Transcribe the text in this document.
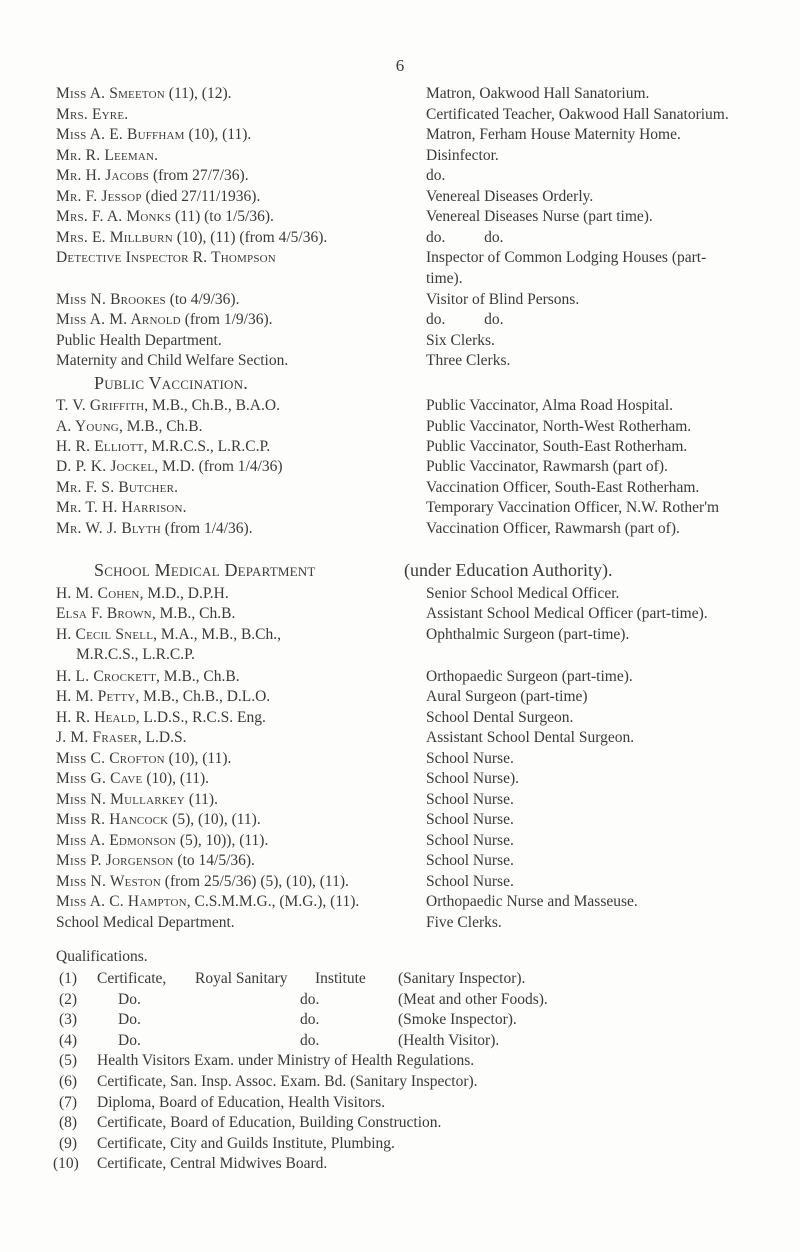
6
Miss A. Smeeton (11), (12).	Matron, Oakwood Hall Sanatorium.
Mrs. Eyre.	Certificated Teacher, Oakwood Hall Sanatorium.
Miss A. E. Buffham (10), (11).	Matron, Ferham House Maternity Home.
Mr. R. Leeman.	Disinfector.
Mr. H. Jacobs (from 27/7/36).	do.
Mr. F. Jessop (died 27/11/1936).	Venereal Diseases Orderly.
Mrs. F. A. Monks (11) (to 1/5/36).	Venereal Diseases Nurse (part time).
Mrs. E. Millburn (10), (11) (from 4/5/36).	do.          do.
Detective Inspector R. Thompson	Inspector of Common Lodging Houses (part-
time).
Miss N. Brookes (to 4/9/36).	Visitor of Blind Persons.
Miss A. M. Arnold (from 1/9/36).	do.          do.
Public Health Department.	Six Clerks.
Maternity and Child Welfare Section.	Three Clerks.
Public Vaccination.
T. V. Griffith, M.B., Ch.B., B.A.O.	Public Vaccinator, Alma Road Hospital.
A. Young, M.B., Ch.B.	Public Vaccinator, North-West Rotherham.
H. R. Elliott, M.R.C.S., L.R.C.P.	Public Vaccinator, South-East Rotherham.
D. P. K. Jockel, M.D. (from 1/4/36)	Public Vaccinator, Rawmarsh (part of).
Mr. F. S. Butcher.	Vaccination Officer, South-East Rotherham.
Mr. T. H. Harrison.	Temporary Vaccination Officer, N.W. Rother'm
Mr. W. J. Blyth (from 1/4/36).	Vaccination Officer, Rawmarsh (part of).
School Medical Department	(under Education Authority).
H. M. Cohen, M.D., D.P.H.	Senior School Medical Officer.
Elsa F. Brown, M.B., Ch.B.	Assistant School Medical Officer (part-time).
H. Cecil Snell, M.A., M.B., B.Ch.,	Ophthalmic Surgeon (part-time).
M.R.C.S., L.R.C.P.
H. L. Crockett, M.B., Ch.B.	Orthopaedic Surgeon (part-time).
H. M. Petty, M.B., Ch.B., D.L.O.	Aural Surgeon (part-time)
H. R. Heald, L.D.S., R.C.S. Eng.	School Dental Surgeon.
J. M. Fraser, L.D.S.	Assistant School Dental Surgeon.
Miss C. Crofton (10), (11).	School Nurse.
Miss G. Cave (10), (11).	School Nurse).
Miss N. Mullarkey (11).	School Nurse.
Miss R. Hancock (5), (10), (11).	School Nurse.
Miss A. Edmonson (5), 10)), (11).	School Nurse.
Miss P. Jorgenson (to 14/5/36).	School Nurse.
Miss N. Weston (from 25/5/36) (5), (10), (11).	School Nurse.
Miss A. C. Hampton, C.S.M.M.G., (M.G.), (11).	Orthopaedic Nurse and Masseuse.
School Medical Department.	Five Clerks.
Qualifications.
(1) Certificate, Royal Sanitary Institute (Sanitary Inspector).
(2)	Do.	do.	(Meat and other Foods).
(3)	Do.	do.	(Smoke Inspector).
(4)	Do.	do.	(Health Visitor).
(5) Health Visitors Exam. under Ministry of Health Regulations.
(6) Certificate, San. Insp. Assoc. Exam. Bd. (Sanitary Inspector).
(7) Diploma, Board of Education, Health Visitors.
(8) Certificate, Board of Education, Building Construction.
(9) Certificate, City and Guilds Institute, Plumbing.
(10) Certificate, Central Midwives Board.
